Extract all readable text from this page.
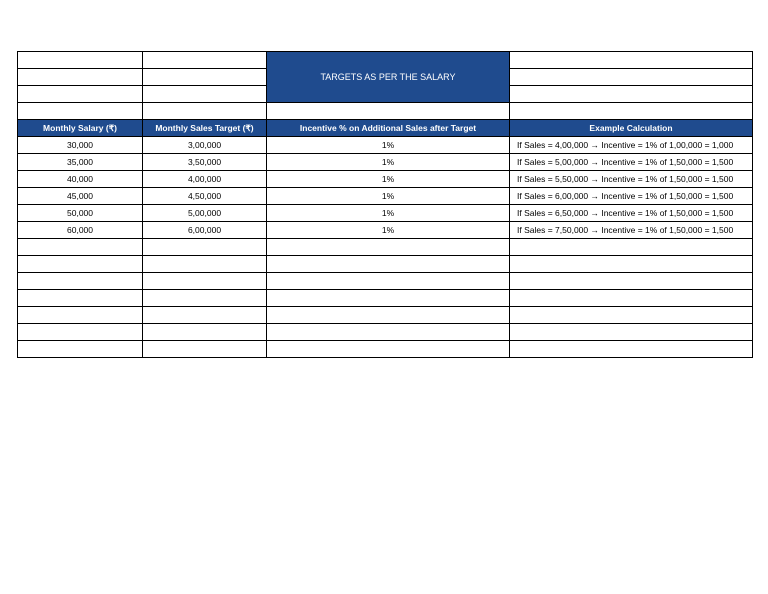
		TARGETS AS PER THE SALARY	

Monthly Salary (₹)	Monthly Sales Target (₹)	Incentive % on Additional Sales after Target	Example Calculation
30,000	3,00,000	1%	If Sales = 4,00,000 → Incentive = 1% of 1,00,000 = 1,000
35,000	3,50,000	1%	If Sales = 5,00,000 → Incentive = 1% of 1,50,000 = 1,500
40,000	4,00,000	1%	If Sales = 5,50,000 → Incentive = 1% of 1,50,000 = 1,500
45,000	4,50,000	1%	If Sales = 6,00,000 → Incentive = 1% of 1,50,000 = 1,500
50,000	5,00,000	1%	If Sales = 6,50,000 → Incentive = 1% of 1,50,000 = 1,500
60,000	6,00,000	1%	If Sales = 7,50,000 → Incentive = 1% of 1,50,000 = 1,500
